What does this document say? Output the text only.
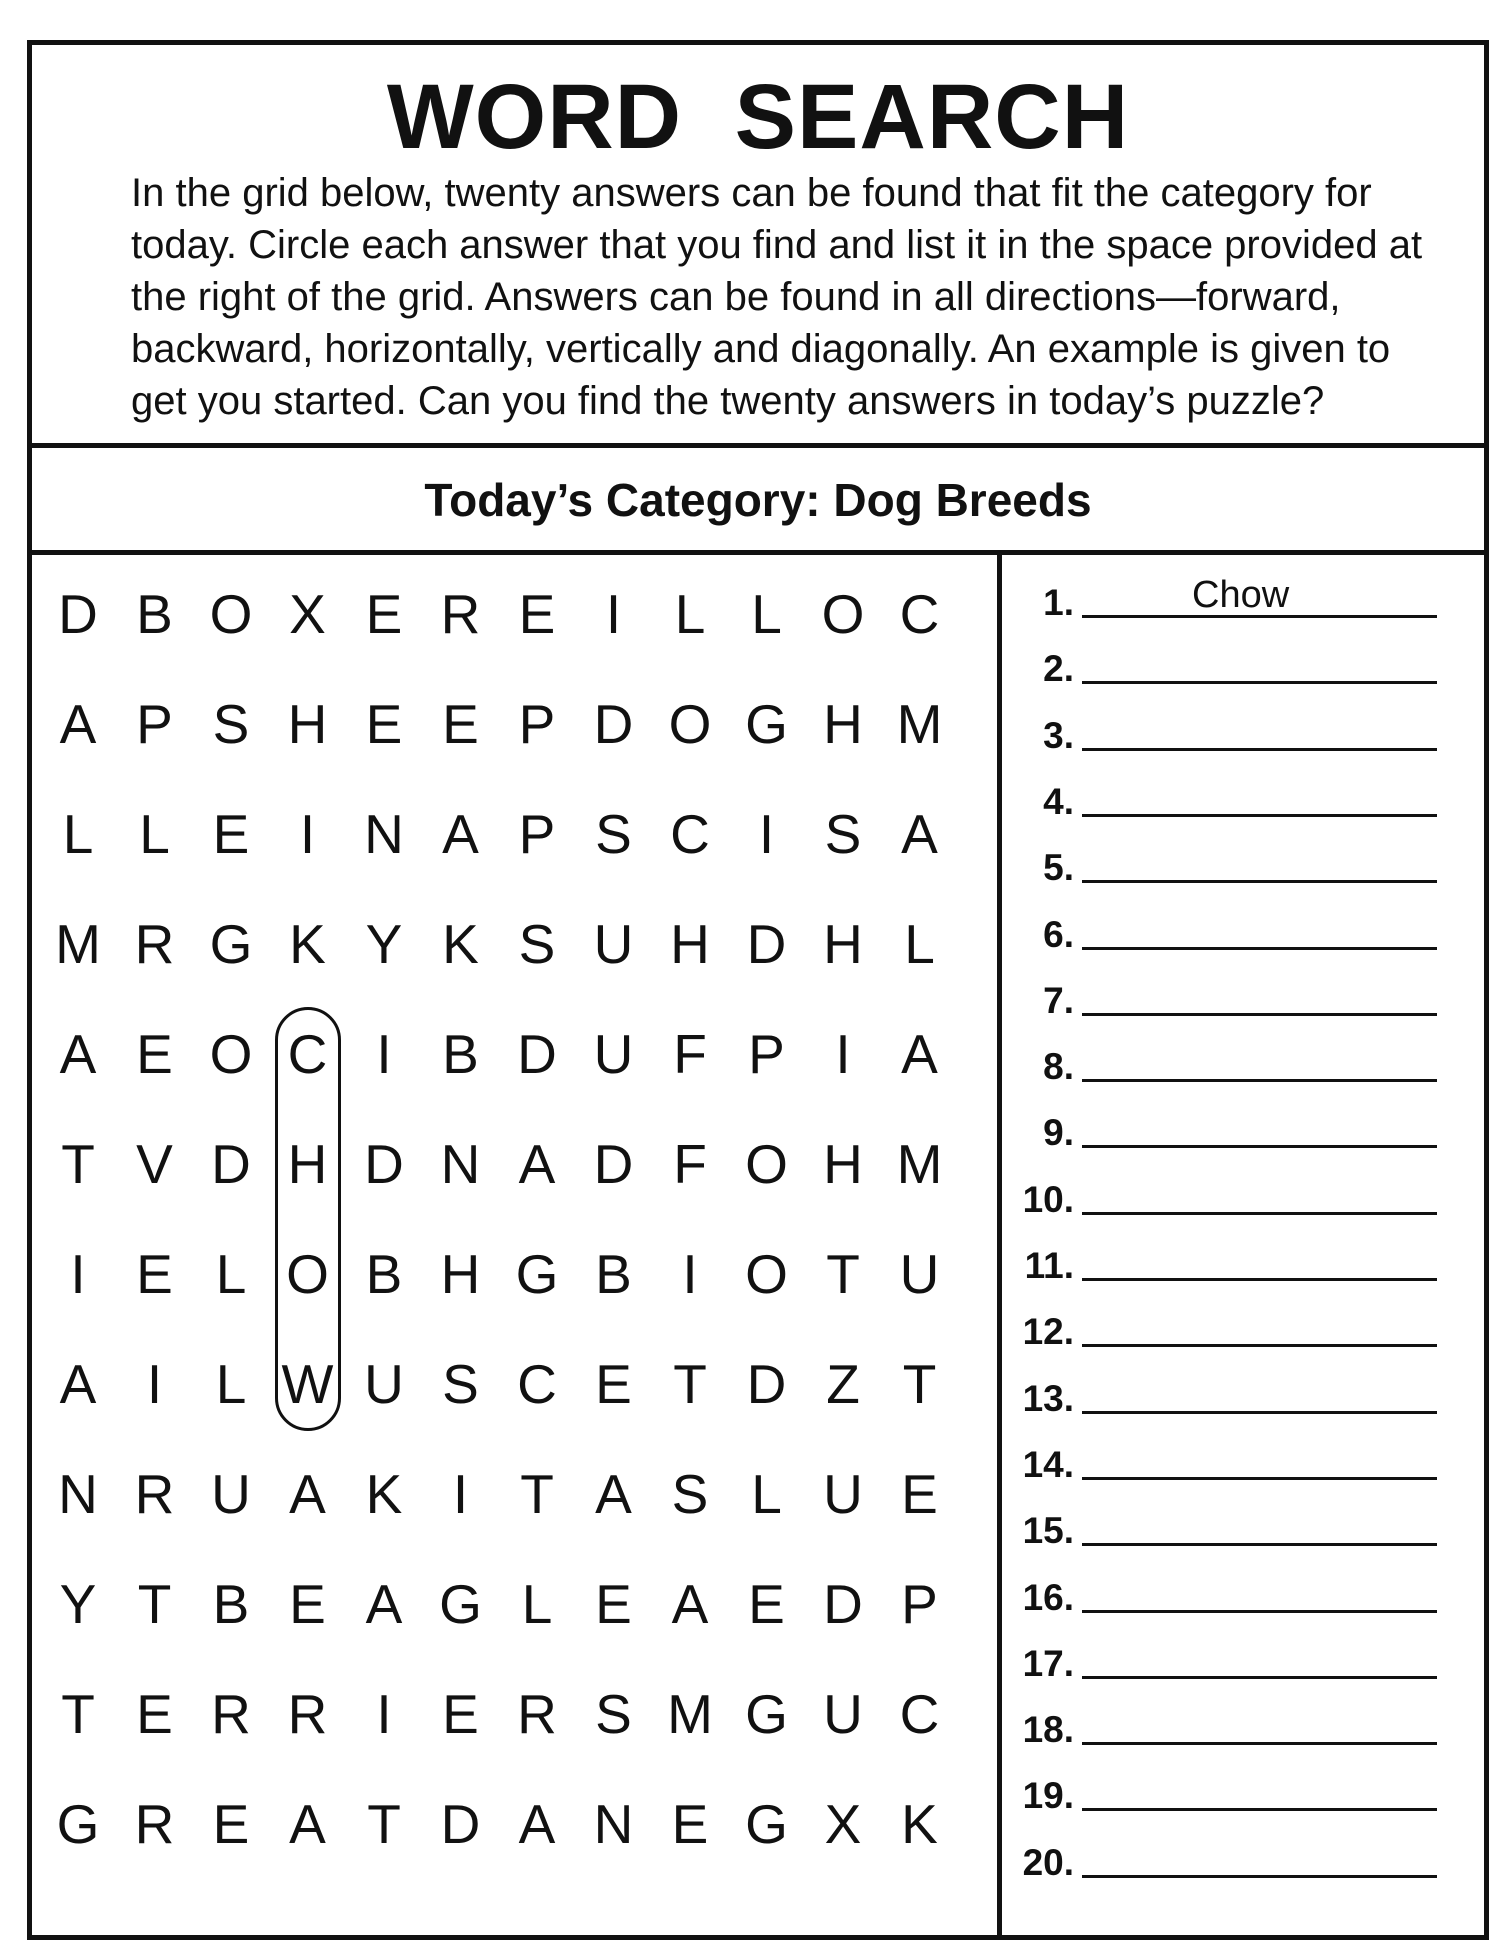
WORD SEARCH
In the grid below, twenty answers can be found that fit the category for today. Circle each answer that you find and list it in the space provided at the right of the grid. Answers can be found in all directions—forward, backward, horizontally, vertically and diagonally. An example is given to get you started. Can you find the twenty answers in today’s puzzle?
Today’s Category: Dog Breeds
D B O X E R E I L L O C
A P S H E E P D O G H M
L L E I N A P S C I S A
M R G K Y K S U H D H L
A E O C I B D U F P I A
T V D H D N A D F O H M
I E L O B H G B I O T U
A I L W U S C E T D Z T
N R U A K I T A S L U E
Y T B E A G L E A E D P
T E R R I E R S M G U C
G R E A T D A N E G X K
1.	Chow
2.
3.
4.
5.
6.
7.
8.
9.
10.
11.
12.
13.
14.
15.
16.
17.
18.
19.
20.
